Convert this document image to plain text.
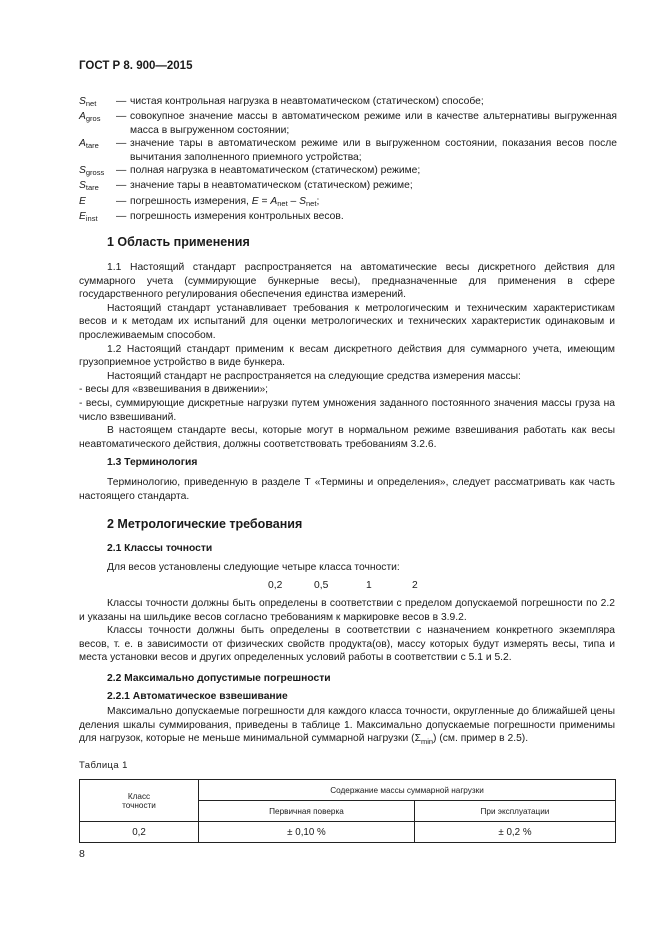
ГОСТ Р 8. 900—2015
$S_{net}$	— чистая контрольная нагрузка в неавтоматическом (статическом) способе;
$A_{gros}$	— совокупное значение массы в автоматическом режиме или в качестве альтернативы выгруженная масса в выгруженном состоянии;
$A_{tare}$	— значение тары в автоматическом режиме или в выгруженном состоянии, показания весов после вычитания заполненного приемного устройства;
$S_{gross}$	— полная нагрузка в неавтоматическом (статическом) режиме;
$S_{tare}$	— значение тары в неавтоматическом (статическом) режиме;
E	— погрешность измерения, $E = A_{net} - S_{net}$;
$E_{inst}$	— погрешность измерения контрольных весов.
1 Область применения

1.1 Настоящий стандарт распространяется на автоматические весы дискретного действия для суммарного учета (суммирующие бункерные весы), предназначенные для применения в сфере государственного регулирования обеспечения единства измерений.

Настоящий стандарт устанавливает требования к метрологическим и техническим характеристикам весов и к методам их испытаний для оценки метрологических и технических характеристик одинаковым и прослеживаемым способом.

1.2 Настоящий стандарт применим к весам дискретного действия для суммарного учета, имеющим грузоприемное устройство в виде бункера.

Настоящий стандарт не распространяется на следующие средства измерения массы:

- весы для «взвешивания в движении»;

- весы, суммирующие дискретные нагрузки путем умножения заданного постоянного значения массы груза на число взвешиваний.

В настоящем стандарте весы, которые могут в нормальном режиме взвешивания работать как весы неавтоматического действия, должны соответствовать требованиям 3.2.6.

1.3 Терминология

Терминологию, приведенную в разделе Т «Термины и определения», следует рассматривать как часть настоящего стандарта.

2 Метрологические требования
2.1 Классы точности

Для весов установлены следующие четыре класса точности:

0,2	0,5	1	2

Классы точности должны быть определены в соответствии с пределом допускаемой погрешности по 2.2 и указаны на шильдике весов согласно требованиям к маркировке весов в 3.9.2.

Классы точности должны быть определены в соответствии с назначением конкретного экземпляра весов, т. е. в зависимости от физических свойств продукта(ов), массу которых будут измерять весы, типа и места установки весов и других определенных условий работы в соответствии с 5.1 и 5.2.

2.2 Максимально допустимые погрешности
2.2.1 Автоматическое взвешивание

Максимально допускаемые погрешности для каждого класса точности, округленные до ближайшей цены деления шкалы суммирования, приведены в таблице 1. Максимально допускаемые погрешности применимы для нагрузок, которые не меньше минимальной суммарной нагрузки $(\Sigma_{min})$ (см. пример в 2.5).

Таблица 1
Класс
точности	Содержание массы суммарной нагрузки	
	Первичная поверка	При эксплуатации
0,2	± 0,10 %	± 0,2 %
8
